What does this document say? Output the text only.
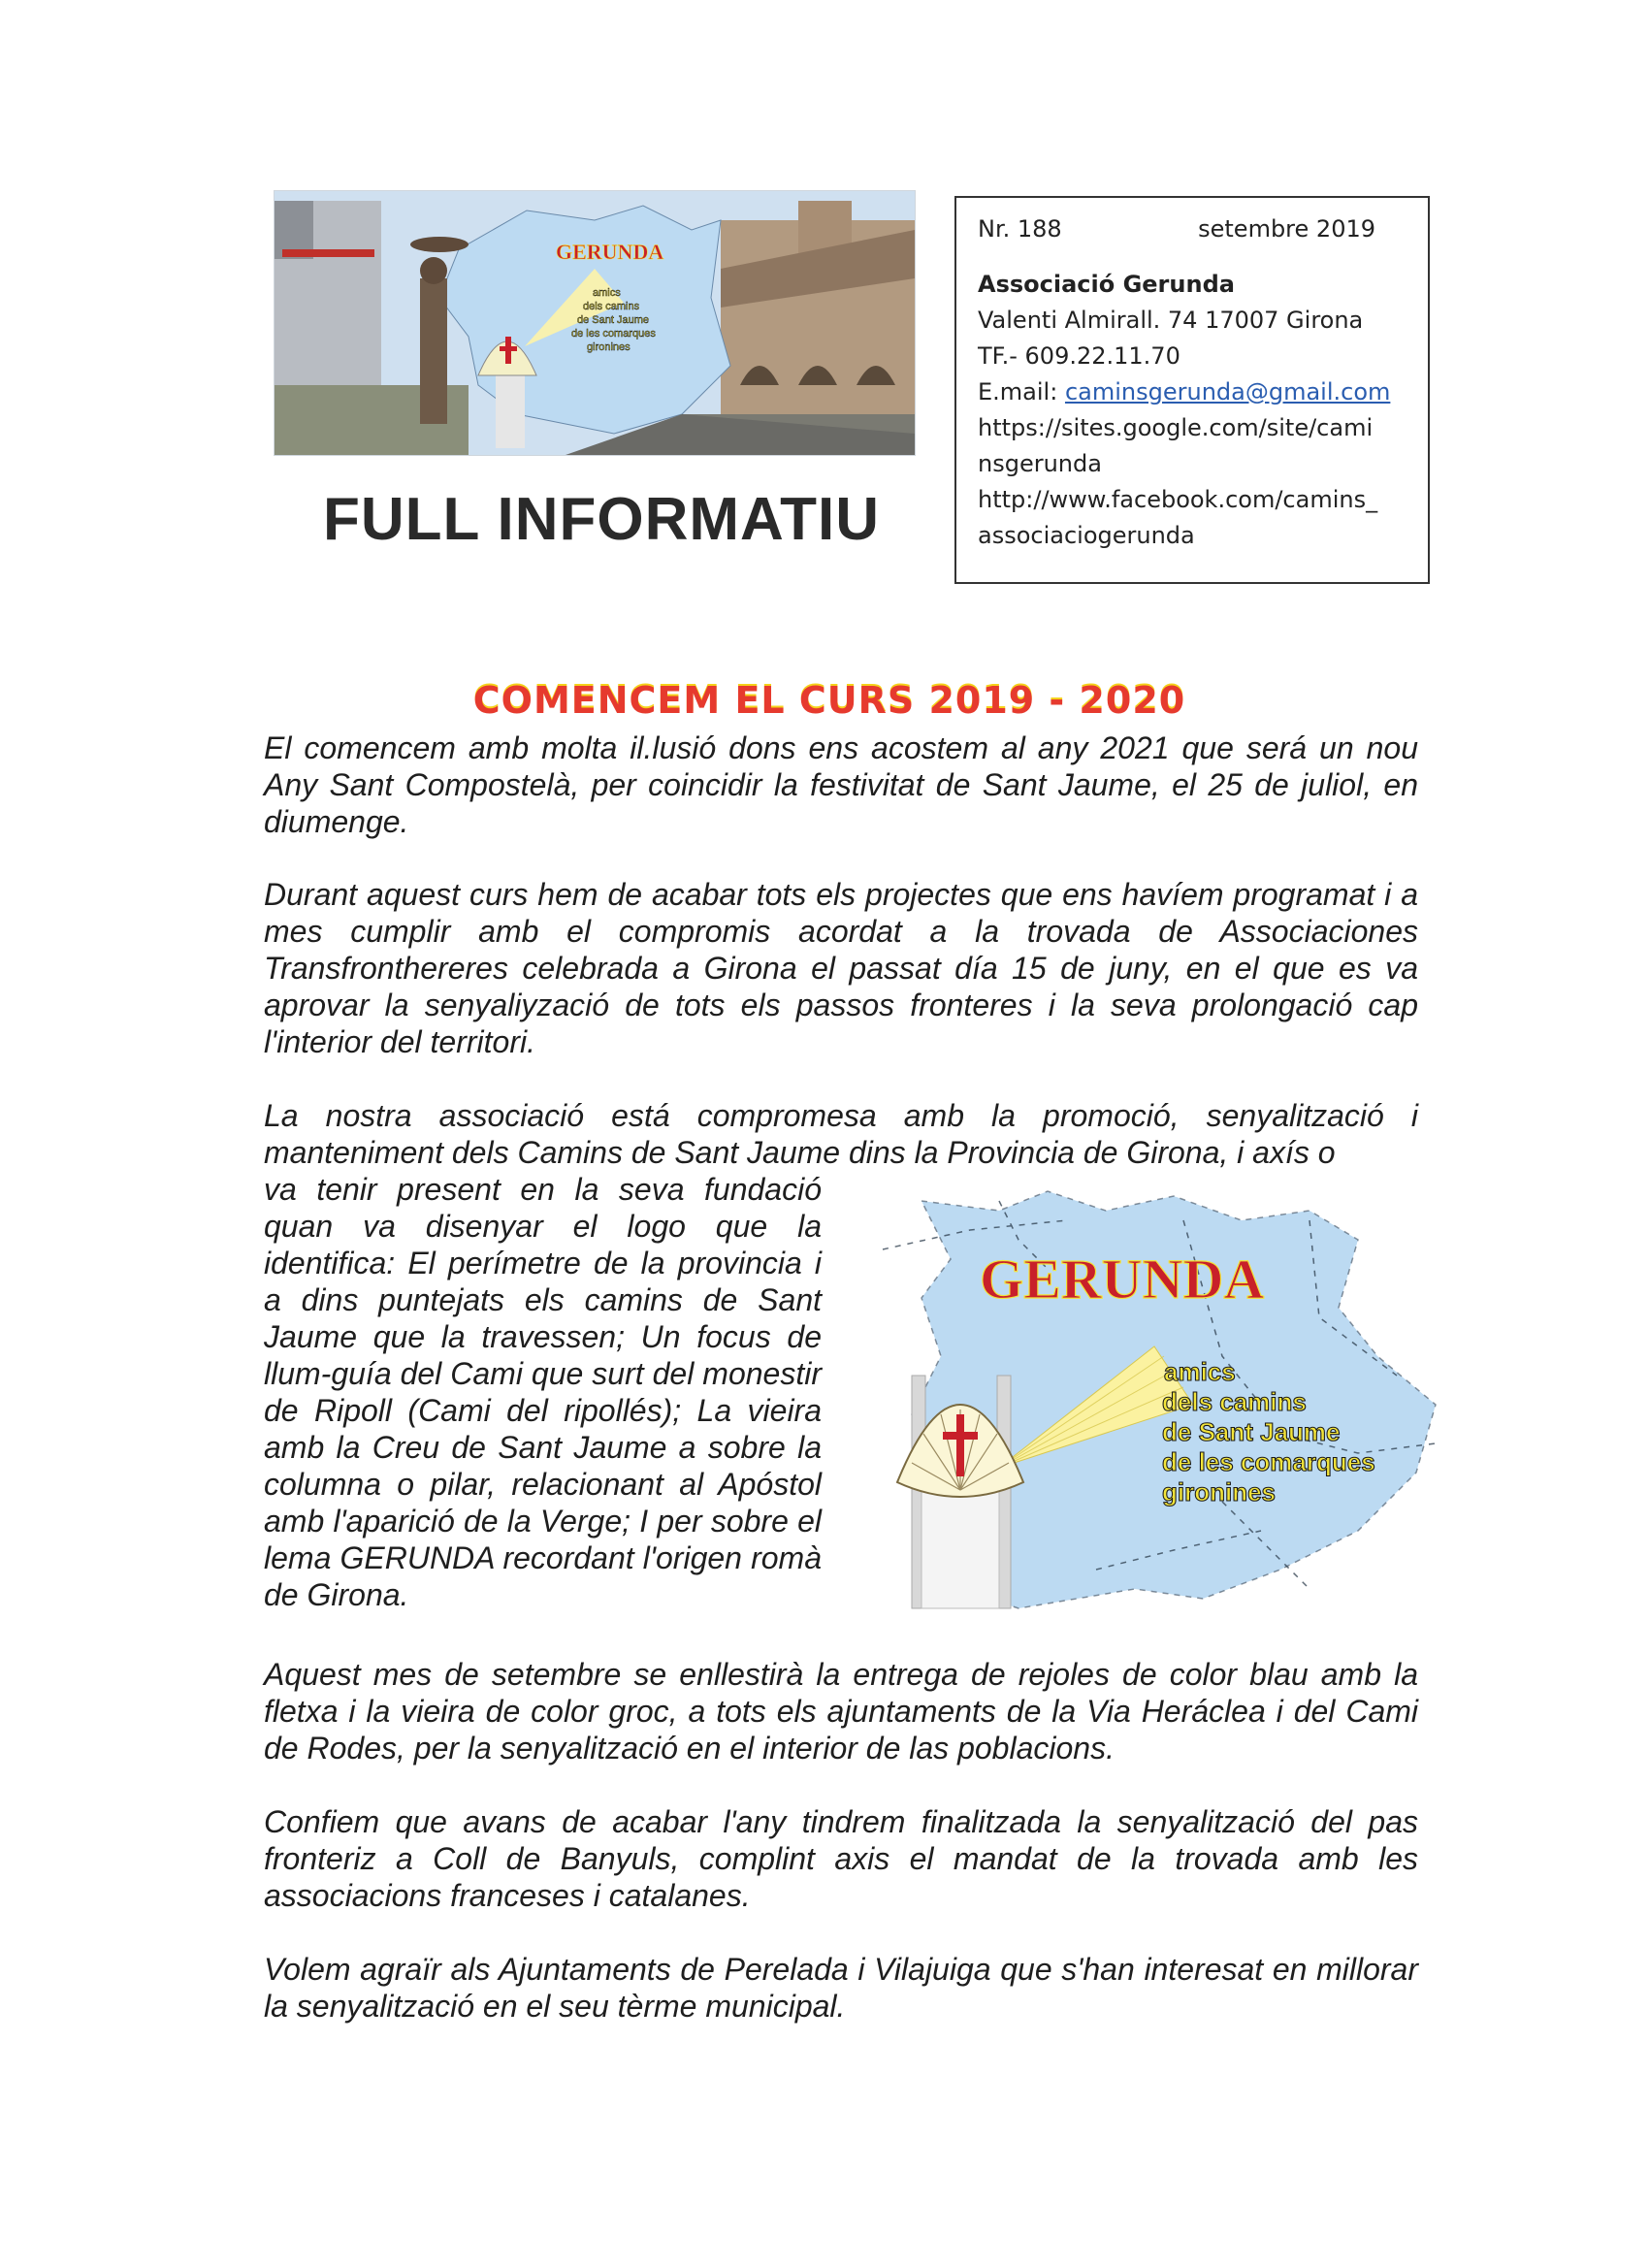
GERUNDA
amics
dels camins
de Sant Jaume
de les comarques
gironines
FULL INFORMATIU
Nr. 188	setembre 2019
Associació Gerunda
Valenti Almirall. 74 17007 Girona
TF.- 609.22.11.70
E.mail: caminsgerunda@gmail.com
https://sites.google.com/site/cami
nsgerunda
http://www.facebook.com/camins_
associaciogerunda
COMENCEM EL CURS 2019 - 2020

El comencem amb molta il.lusió dons ens acostem al any 2021 que será un nou Any Sant Compostelà, per coincidir la festivitat de Sant Jaume, el 25 de juliol, en diumenge.

Durant aquest curs hem de acabar tots els projectes que ens havíem programat i a mes cumplir amb el compromis acordat a la trovada de Associaciones Transfronthereres celebrada a Girona el passat día 15 de juny, en el que es va aprovar la senyaliyzació de tots els passos fronteres i la seva prolongació cap l'interior del territori.

La nostra associació está compromesa amb la promoció, senyalització i manteniment dels Camins de Sant Jaume dins la Provincia de Girona, i axís o

va tenir present en la seva fundació quan va disenyar el logo que la identifica: El perímetre de la provincia i a dins puntejats els camins de Sant Jaume que la travessen; Un focus de llum-guía del Cami que surt del monestir de Ripoll (Cami del ripollés); La vieira amb la Creu de Sant Jaume a sobre la columna o pilar, relacionant al Apóstol amb l'aparició de la Verge; I per sobre el lema GERUNDA recordant l'origen romà de Girona.

GERUNDA
amics
dels camins
de Sant Jaume
de les comarques
gironines

Aquest mes de setembre se enllestirà la entrega de rejoles de color blau amb la fletxa i la vieira de color groc, a tots els ajuntaments de la Via Heráclea i del Cami de Rodes, per la senyalització en el interior de las poblacions.

Confiem que avans de acabar l'any tindrem finalitzada la senyalització del pas fronteriz a Coll de Banyuls, complint axis el mandat de la trovada amb les associacions franceses i catalanes.

Volem agraïr als Ajuntaments de Perelada i Vilajuiga que s'han interesat en millorar la senyalització en el seu tèrme municipal.
